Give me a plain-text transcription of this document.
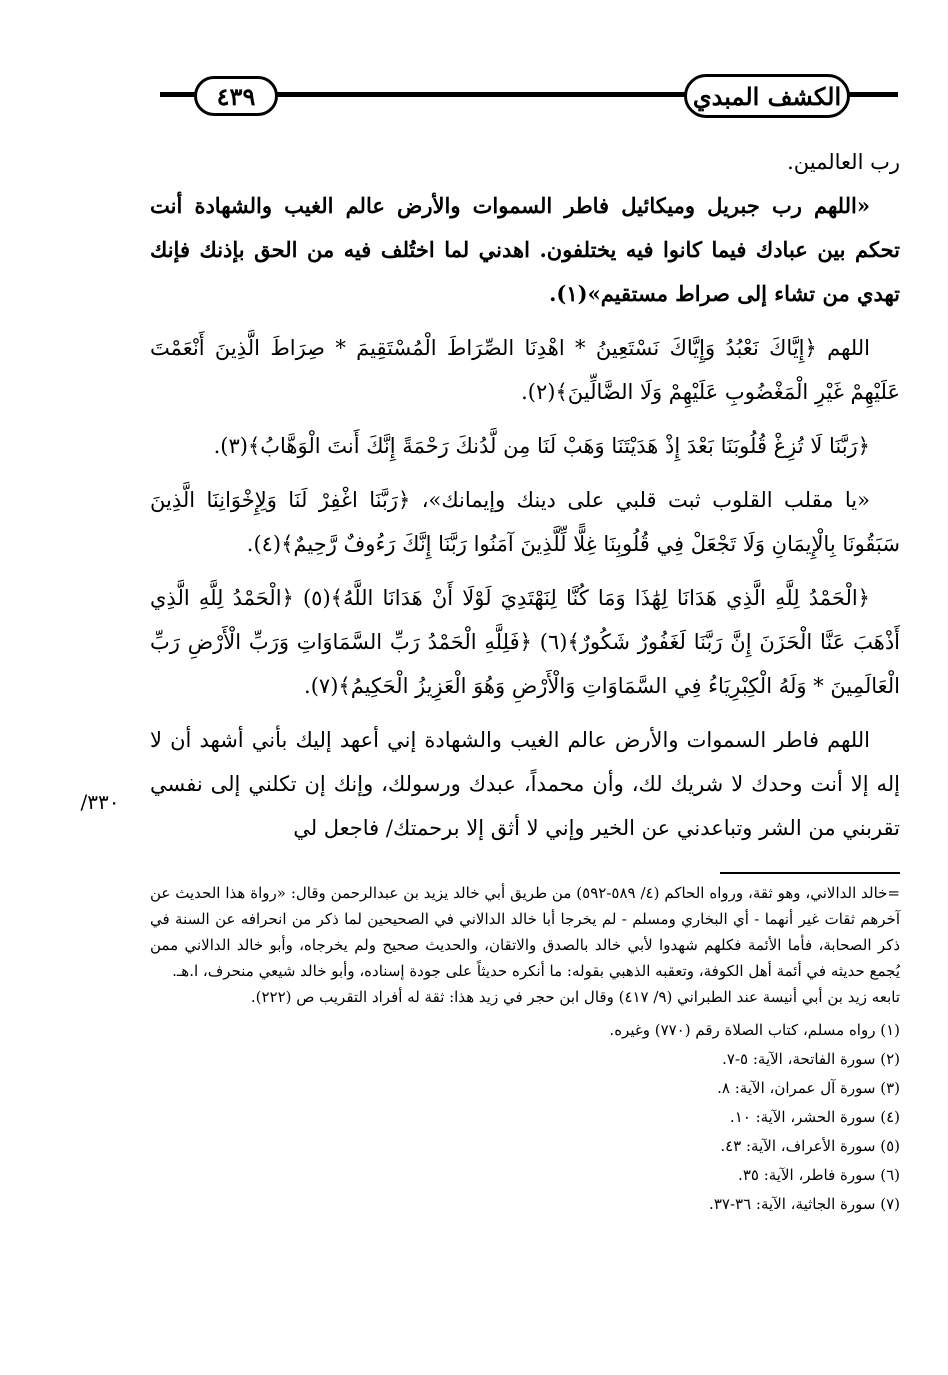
٤٣٩	الكشف المبدي

رب العالمين.

«اللهم رب جبريل وميكائيل فاطر السموات والأرض عالم الغيب والشهادة أنت تحكم بين عبادك فيما كانوا فيه يختلفون. اهدني لما اختُلف فيه من الحق بإذنك فإنك تهدي من تشاء إلى صراط مستقيم»(١).

اللهم ﴿إِيَّاكَ نَعْبُدُ وَإِيَّاكَ نَسْتَعِينُ * اهْدِنَا الصِّرَاطَ الْمُسْتَقِيمَ * صِرَاطَ الَّذِينَ أَنْعَمْتَ عَلَيْهِمْ غَيْرِ الْمَغْضُوبِ عَلَيْهِمْ وَلَا الضَّالِّينَ﴾(٢).

﴿رَبَّنَا لَا تُزِغْ قُلُوبَنَا بَعْدَ إِذْ هَدَيْتَنَا وَهَبْ لَنَا مِن لَّدُنكَ رَحْمَةً إِنَّكَ أَنتَ الْوَهَّابُ﴾(٣).

«يا مقلب القلوب ثبت قلبي على دينك وإيمانك»، ﴿رَبَّنَا اغْفِرْ لَنَا وَلِإِخْوَانِنَا الَّذِينَ سَبَقُونَا بِالْإِيمَانِ وَلَا تَجْعَلْ فِي قُلُوبِنَا غِلًّا لِّلَّذِينَ آمَنُوا رَبَّنَا إِنَّكَ رَءُوفٌ رَّحِيمٌ﴾(٤).

﴿الْحَمْدُ لِلَّهِ الَّذِي هَدَانَا لِهَٰذَا وَمَا كُنَّا لِنَهْتَدِيَ لَوْلَا أَنْ هَدَانَا اللَّهُ﴾(٥) ﴿الْحَمْدُ لِلَّهِ الَّذِي أَذْهَبَ عَنَّا الْحَزَنَ إِنَّ رَبَّنَا لَغَفُورٌ شَكُورٌ﴾(٦) ﴿فَلِلَّهِ الْحَمْدُ رَبِّ السَّمَاوَاتِ وَرَبِّ الْأَرْضِ رَبِّ الْعَالَمِينَ * وَلَهُ الْكِبْرِيَاءُ فِي السَّمَاوَاتِ وَالْأَرْضِ وَهُوَ الْعَزِيزُ الْحَكِيمُ﴾(٧).

اللهم فاطر السموات والأرض عالم الغيب والشهادة إني أعهد إليك بأني أشهد أن لا إله إلا أنت وحدك لا شريك لك، وأن محمداً، عبدك ورسولك، وإنك إن تكلني إلى نفسي تقربني من الشر وتباعدني عن الخير وإني لا أثق إلا برحمتك/ فاجعل لي

٣٣٠/

=خالد الدالاني، وهو ثقة، ورواه الحاكم (٤/ ٥٨٩-٥٩٢) من طريق أبي خالد يزيد بن عبدالرحمن وقال: «رواة هذا الحديث عن آخرهم ثقات غير أنهما - أي البخاري ومسلم - لم يخرجا أبا خالد الدالاني في الصحيحين لما ذكر من انحرافه عن السنة في ذكر الصحابة، فأما الأئمة فكلهم شهدوا لأبي خالد بالصدق والاتقان، والحديث صحيح ولم يخرجاه، وأبو خالد الدالاني ممن يُجمع حديثه في أئمة أهل الكوفة، وتعقبه الذهبي بقوله: ما أنكره حديثاً على جودة إسناده، وأبو خالد شيعي منحرف، ا.هـ.

تابعه زيد بن أبي أنيسة عند الطبراني (٩/ ٤١٧) وقال ابن حجر في زيد هذا: ثقة له أفراد التقريب ص (٢٢٢).

(١) رواه مسلم، كتاب الصلاة رقم (٧٧٠) وغيره.

(٢) سورة الفاتحة، الآية: ٥-٧.

(٣) سورة آل عمران، الآية: ٨.

(٤) سورة الحشر، الآية: ١٠.

(٥) سورة الأعراف، الآية: ٤٣.

(٦) سورة فاطر، الآية: ٣٥.

(٧) سورة الجاثية، الآية: ٣٦-٣٧.
